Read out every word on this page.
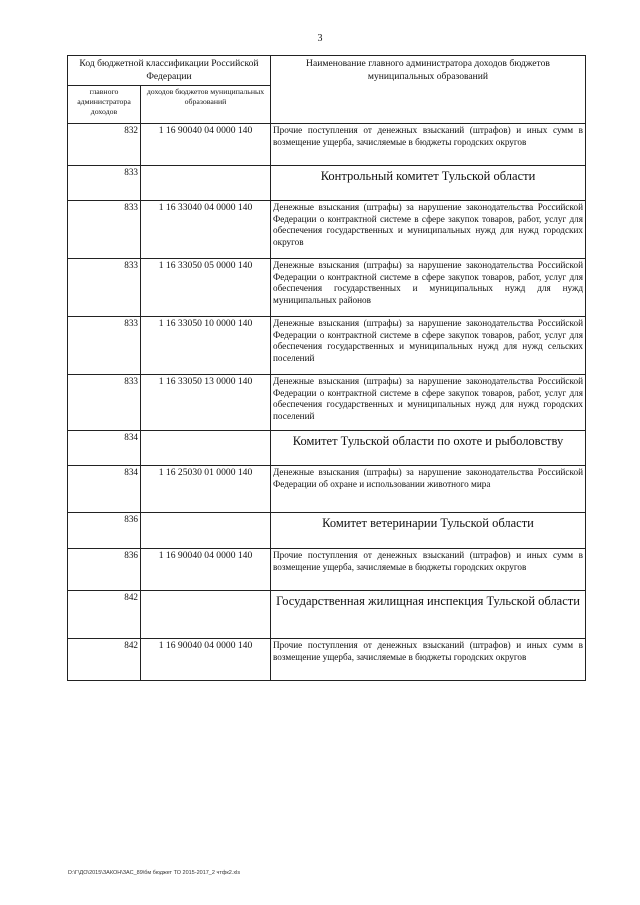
3
Код бюджетной классификации Российской Федерации		Наименование главного администратора доходов бюджетов муниципальных образований
главного администратора доходов	доходов бюджетов муниципальных образований	
832	1 16 90040 04 0000 140	Прочие поступления от денежных взысканий (штрафов) и иных сумм в возмещение ущерба, зачисляемые в бюджеты городских округов
833		Контрольный комитет Тульской области
833	1 16 33040 04 0000 140	Денежные взыскания (штрафы) за нарушение законодательства Российской Федерации о контрактной системе в сфере закупок товаров, работ, услуг для обеспечения государственных и муниципальных нужд для нужд городских округов
833	1 16 33050 05 0000 140	Денежные взыскания (штрафы) за нарушение законодательства Российской Федерации о контрактной системе в сфере закупок товаров, работ, услуг для обеспечения государственных и муниципальных нужд для нужд муниципальных районов
833	1 16 33050 10 0000 140	Денежные взыскания (штрафы) за нарушение законодательства Российской Федерации о контрактной системе в сфере закупок товаров, работ, услуг для обеспечения государственных и муниципальных нужд для нужд сельских поселений
833	1 16 33050 13 0000 140	Денежные взыскания (штрафы) за нарушение законодательства Российской Федерации о контрактной системе в сфере закупок товаров, работ, услуг для обеспечения государственных и муниципальных нужд для нужд городских поселений
834		Комитет Тульской области по охоте и рыболовству
834	1 16 25030 01 0000 140	Денежные взыскания (штрафы) за нарушение законодательства Российской Федерации об охране и использовании животного мира
836		Комитет ветеринарии Тульской области
836	1 16 90040 04 0000 140	Прочие поступления от денежных взысканий (штрафов) и иных сумм в возмещение ущерба, зачисляемые в бюджеты городских округов
842		Государственная жилищная инспекция Тульской области
842	1 16 90040 04 0000 140	Прочие поступления от денежных взысканий (штрафов) и иных сумм в возмещение ущерба, зачисляемые в бюджеты городских округов
D:\Г\ДО\2015\ЗАКОН\ЗАС_89\бм бюджет ТО 2015-2017_2 чтфк2.xls
